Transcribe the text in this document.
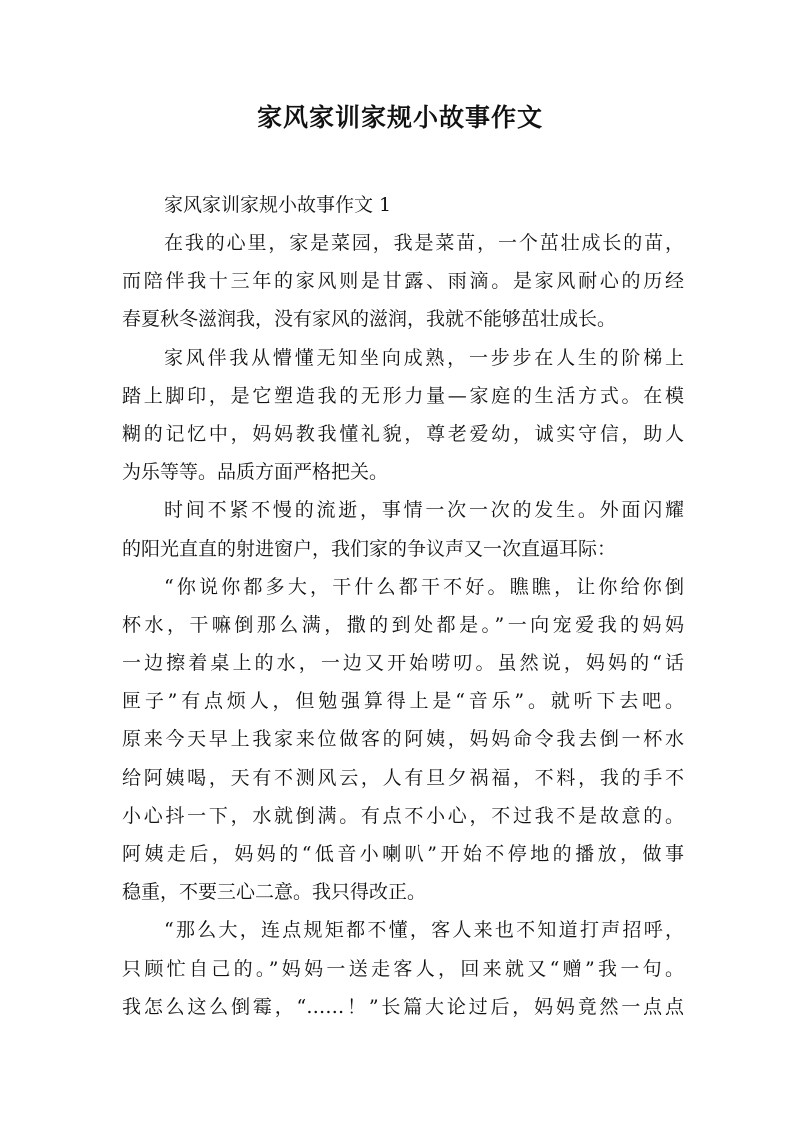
家风家训家规小故事作文

家风家训家规小故事作文 1

在我的心里，家是菜园，我是菜苗，一个茁壮成长的苗，
而陪伴我十三年的家风则是甘露、雨滴。是家风耐心的历经
春夏秋冬滋润我，没有家风的滋润，我就不能够茁壮成长。

家风伴我从懵懂无知坐向成熟，一步步在人生的阶梯上
踏上脚印，是它塑造我的无形力量—家庭的生活方式。在模
糊的记忆中，妈妈教我懂礼貌，尊老爱幼，诚实守信，助人
为乐等等。品质方面严格把关。

时间不紧不慢的流逝，事情一次一次的发生。外面闪耀
的阳光直直的射进窗户，我们家的争议声又一次直逼耳际：

“你说你都多大，干什么都干不好。瞧瞧，让你给你倒
杯水，干嘛倒那么满，撒的到处都是。”一向宠爱我的妈妈
一边擦着桌上的水，一边又开始唠叨。虽然说，妈妈的“话
匣子”有点烦人，但勉强算得上是“音乐”。就听下去吧。
原来今天早上我家来位做客的阿姨，妈妈命令我去倒一杯水
给阿姨喝，天有不测风云，人有旦夕祸福，不料，我的手不
小心抖一下，水就倒满。有点不小心，不过我不是故意的。
阿姨走后，妈妈的“低音小喇叭”开始不停地的播放，做事
稳重，不要三心二意。我只得改正。

“那么大，连点规矩都不懂，客人来也不知道打声招呼，
只顾忙自己的。”妈妈一送走客人，回来就又“赠”我一句。
我怎么这么倒霉，“……！”长篇大论过后，妈妈竟然一点点
